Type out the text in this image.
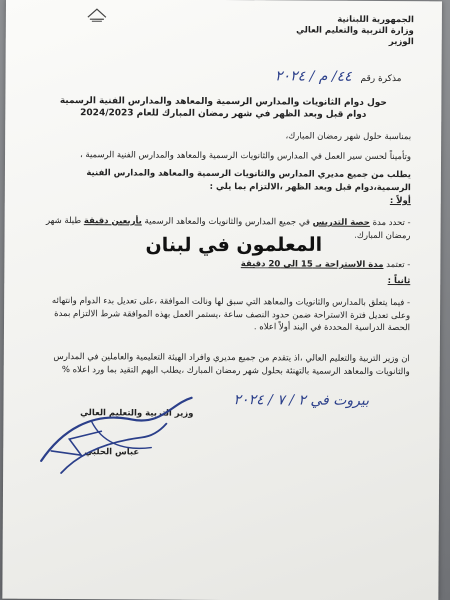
الجمهورية اللبنانية
وزارة التربية والتعليم العالي
الوزير
مذكرة رقم ٤٤/ م / ٢٠٢٤
حول دوام الثانويات والمدارس الرسمية والمعاهد والمدارس الفنية الرسمية
دوام قبل وبعد الظهر في شهر رمضان المبارك للعام 2024/2023
بمناسبة حلول شهر رمضان المبارك،
وتأميناً لحسن سير العمل في المدارس والثانويات الرسمية والمعاهد والمدارس الفنية الرسمية ،
يطلب من جميع مديري المدارس والثانويات الرسمية والمعاهد والمدارس الفنية الرسمية،دوام قبل وبعد الظهر ،الالتزام بما يلي :
أولاً :
- تحدد مدة حصة التدريس في جميع المدارس والثانويات والمعاهد الرسمية بأربعين دقيقة طيلة شهر رمضان المبارك.
المعلمون في لبنان
- تعتمد مدة الاستراحة بـ 15 الى 20 دقيقة
ثانياً :
- فيما يتعلق بالمدارس والثانويات والمعاهد التي سبق لها ونالت الموافقة ،على تعديل بدء الدوام وانتهائه وعلى تعديل فترة الاستراحة ضمن حدود النصف ساعة ،يستمر العمل بهذه الموافقة شرط الالتزام بمدة الحصة الدراسية المحددة في البند أولاً اعلاه .
ان وزير التربية والتعليم العالي ،اذ يتقدم من جميع مديري وافراد الهيئة التعليمية والعاملين في المدارس والثانويات والمعاهد الرسمية بالتهنئة بحلول شهر رمضان المبارك ،يطلب اليهم التقيد بما ورد اعلاه %
بيروت في ٢ / ٧ / ٢٠٢٤
وزير التربية والتعليم العالي
عباس الحلبي
